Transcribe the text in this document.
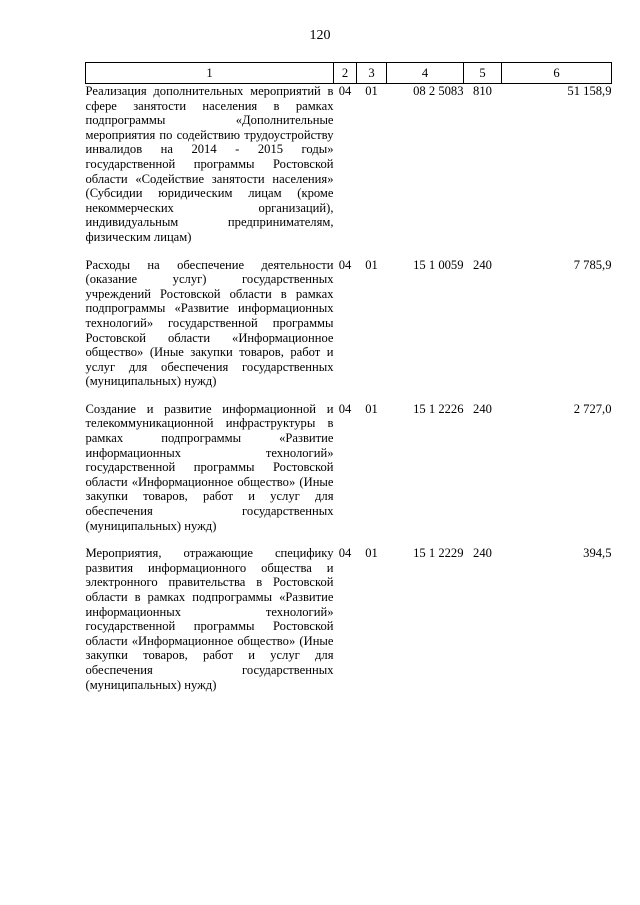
120
1	2	3	4	5	6
Реализация дополнительных мероприятий в сфере занятости населения в рамках подпрограммы «Дополнительные мероприятия по содействию трудоустройству инвалидов на 2014 - 2015 годы» государственной программы Ростовской области «Содействие занятости населения» (Субсидии юридическим лицам (кроме некоммерческих организаций), индивидуальным предпринимателям, физическим лицам)	04	01	08 2 5083	810	51 158,9
Расходы на обеспечение деятельности (оказание услуг) государственных учреждений Ростовской области в рамках подпрограммы «Развитие информационных технологий» государственной программы Ростовской области «Информационное общество» (Иные закупки товаров, работ и услуг для обеспечения государственных (муниципальных) нужд)	04	01	15 1 0059	240	7 785,9
Создание и развитие информационной и телекоммуникационной инфраструктуры в рамках подпрограммы «Развитие информационных технологий» государственной программы Ростовской области «Информационное общество» (Иные закупки товаров, работ и услуг для обеспечения государственных (муниципальных) нужд)	04	01	15 1 2226	240	2 727,0
Мероприятия, отражающие специфику развития информационного общества и электронного правительства в Ростовской области в рамках подпрограммы «Развитие информационных технологий» государственной программы Ростовской области «Информационное общество» (Иные закупки товаров, работ и услуг для обеспечения государственных (муниципальных) нужд)	04	01	15 1 2229	240	394,5
